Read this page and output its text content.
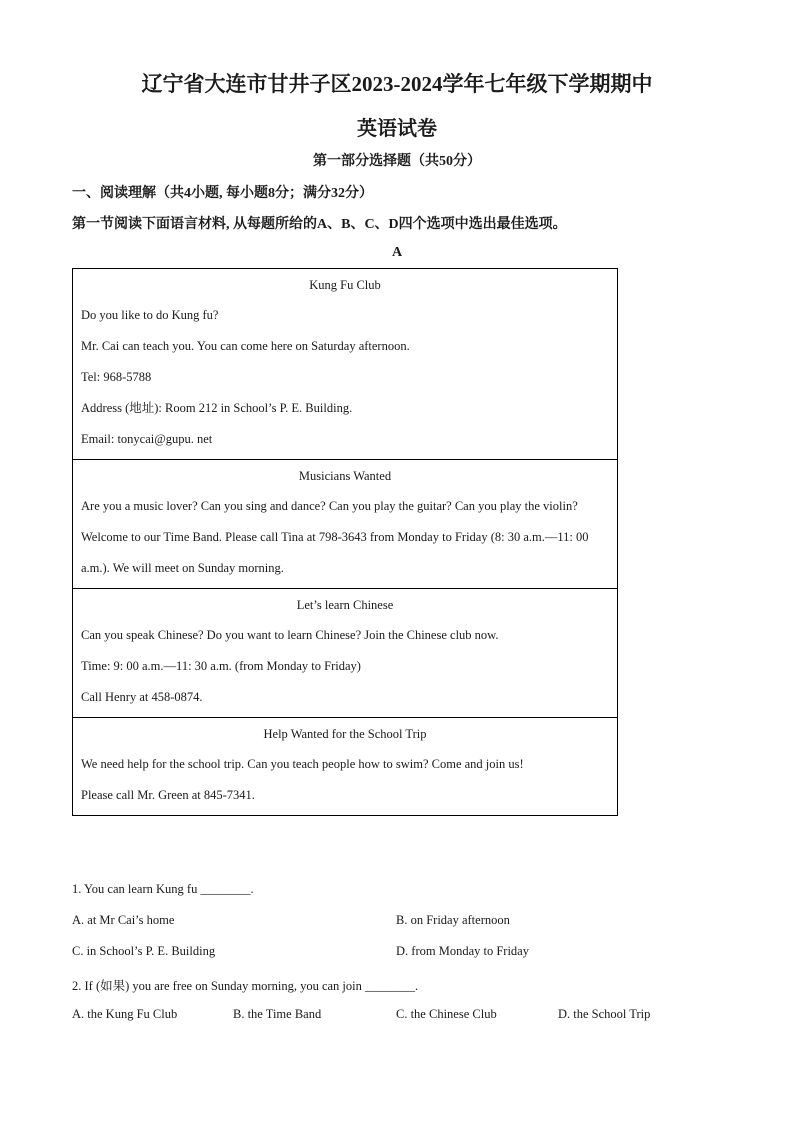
辽宁省大连市甘井子区2023-2024学年七年级下学期期中
英语试卷
第一部分选择题（共50分）
一、阅读理解（共4小题, 每小题8分；满分32分）
第一节阅读下面语言材料, 从每题所给的A、B、C、D四个选项中选出最佳选项。
A
Kung Fu Club
Do you like to do Kung fu?
Mr. Cai can teach you. You can come here on Saturday afternoon.
Tel: 968-5788
Address (地址): Room 212 in School’s P. E. Building.
Email: tonycai@gupu. net
Musicians Wanted
Are you a music lover? Can you sing and dance? Can you play the guitar? Can you play the violin? Welcome to our Time Band. Please call Tina at 798-3643 from Monday to Friday (8: 30 a.m.—11: 00 a.m.). We will meet on Sunday morning.
Let’s learn Chinese
Can you speak Chinese? Do you want to learn Chinese? Join the Chinese club now.
Time: 9: 00 a.m.—11: 30 a.m. (from Monday to Friday)
Call Henry at 458-0874.
Help Wanted for the School Trip
We need help for the school trip. Can you teach people how to swim? Come and join us!
Please call Mr. Green at 845-7341.
1. You can learn Kung fu ________.
A. at Mr Cai’s home	B. on Friday afternoon
C. in School’s P. E. Building	D. from Monday to Friday
2. If (如果) you are free on Sunday morning, you can join ________.
A. the Kung Fu Club	B. the Time Band	C. the Chinese Club	D. the School Trip
